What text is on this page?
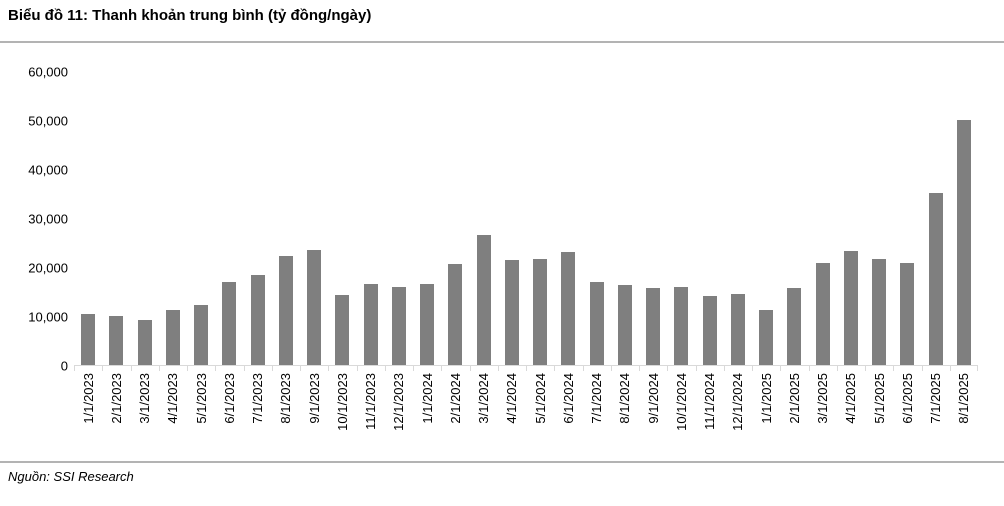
Biểu đồ 11: Thanh khoản trung bình (tỷ đồng/ngày)
0
10,000
20,000
30,000
40,000
50,000
60,000
1/1/2023 2/1/2023 3/1/2023 4/1/2023 5/1/2023 6/1/2023 7/1/2023 8/1/2023 9/1/2023 10/1/2023 11/1/2023 12/1/2023 1/1/2024 2/1/2024 3/1/2024 4/1/2024 5/1/2024 6/1/2024 7/1/2024 8/1/2024 9/1/2024 10/1/2024 11/1/2024 12/1/2024 1/1/2025 2/1/2025 3/1/2025 4/1/2025 5/1/2025 6/1/2025 7/1/2025 8/1/2025
Nguồn: SSI Research
